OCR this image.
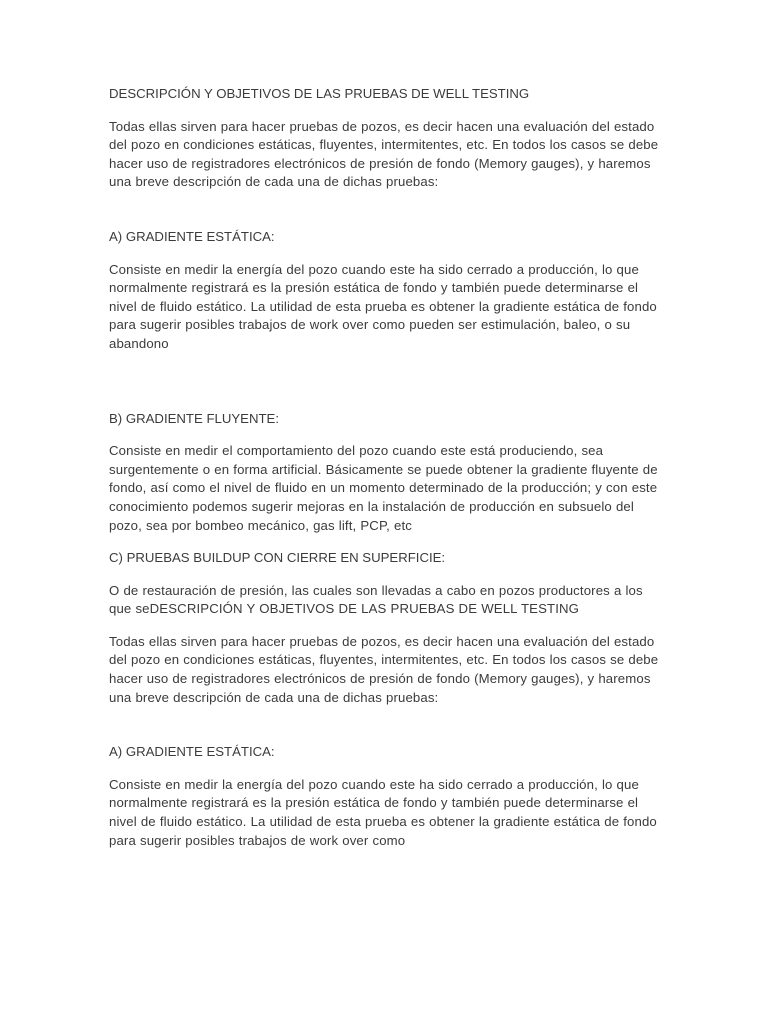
DESCRIPCIÓN Y OBJETIVOS DE LAS PRUEBAS DE WELL TESTING

Todas ellas sirven para hacer pruebas de pozos, es decir hacen una evaluación del estado del pozo en condiciones estáticas, fluyentes, intermitentes, etc. En todos los casos se debe hacer uso de registradores electrónicos de presión de fondo (Memory gauges), y haremos una breve descripción de cada una de dichas pruebas:

A) GRADIENTE ESTÁTICA:

Consiste en medir la energía del pozo cuando este ha sido cerrado a producción, lo que normalmente registrará es la presión estática de fondo y también puede determinarse el nivel de fluido estático. La utilidad de esta prueba es obtener la gradiente estática de fondo para sugerir posibles trabajos de work over como pueden ser estimulación, baleo, o su abandono

B) GRADIENTE FLUYENTE:

Consiste en medir el comportamiento del pozo cuando este está produciendo, sea surgentemente o en forma artificial. Básicamente se puede obtener la gradiente fluyente de fondo, así como el nivel de fluido en un momento determinado de la producción; y con este conocimiento podemos sugerir mejoras en la instalación de producción en subsuelo del pozo, sea por bombeo mecánico, gas lift, PCP, etc

C) PRUEBAS BUILDUP CON CIERRE EN SUPERFICIE:

O de restauración de presión, las cuales son llevadas a cabo en pozos productores a los que seDESCRIPCIÓN Y OBJETIVOS DE LAS PRUEBAS DE WELL TESTING

Todas ellas sirven para hacer pruebas de pozos, es decir hacen una evaluación del estado del pozo en condiciones estáticas, fluyentes, intermitentes, etc. En todos los casos se debe hacer uso de registradores electrónicos de presión de fondo (Memory gauges), y haremos una breve descripción de cada una de dichas pruebas:

A) GRADIENTE ESTÁTICA:

Consiste en medir la energía del pozo cuando este ha sido cerrado a producción, lo que normalmente registrará es la presión estática de fondo y también puede determinarse el nivel de fluido estático. La utilidad de esta prueba es obtener la gradiente estática de fondo para sugerir posibles trabajos de work over como
